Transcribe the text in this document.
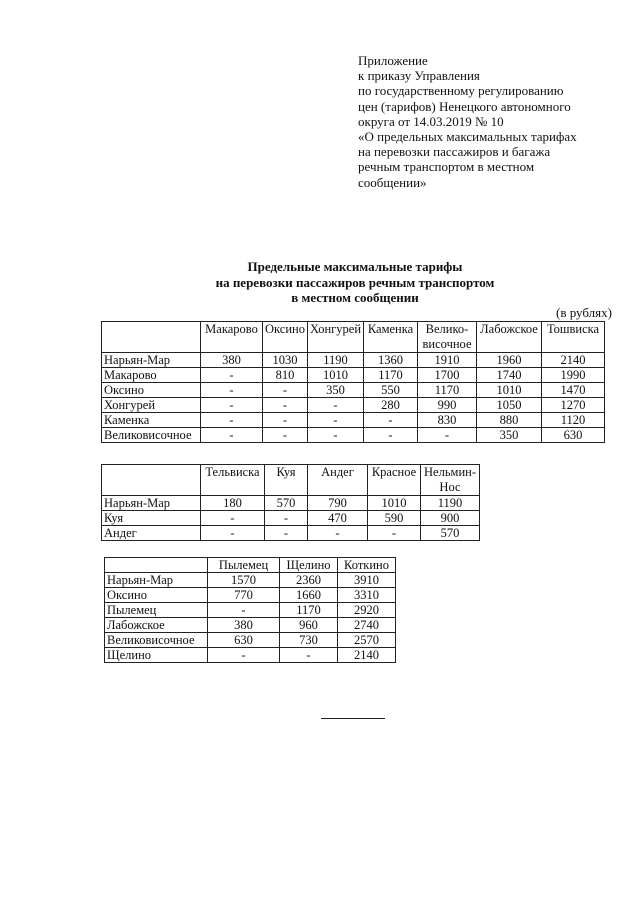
Приложение
к приказу Управления
по государственному регулированию
цен (тарифов) Ненецкого автономного
округа от 14.03.2019 № 10
«О предельных максимальных тарифах
на перевозки пассажиров и багажа
речным транспортом в местном
сообщении»
Предельные максимальные тарифы
на перевозки пассажиров речным транспортом
в местном сообщении
(в рублях)
	Макарово	Оксино	Хонгурей	Каменка	Велико-височное	Лабожское	Тошвиска
Нарьян-Мар	380	1030	1190	1360	1910	1960	2140
Макарово	-	810	1010	1170	1700	1740	1990
Оксино	-	-	350	550	1170	1010	1470
Хонгурей	-	-	-	280	990	1050	1270
Каменка	-	-	-	-	830	880	1120
Великовисочное	-	-	-	-	-	350	630
	Тельвиска	Куя	Андег	Красное	Нельмин-Нос
Нарьян-Мар	180	570	790	1010	1190
Куя	-	-	470	590	900
Андег	-	-	-	-	570
	Пылемец	Щелино	Коткино
Нарьян-Мар	1570	2360	3910
Оксино	770	1660	3310
Пылемец	-	1170	2920
Лабожское	380	960	2740
Великовисочное	630	730	2570
Щелино	-	-	2140
